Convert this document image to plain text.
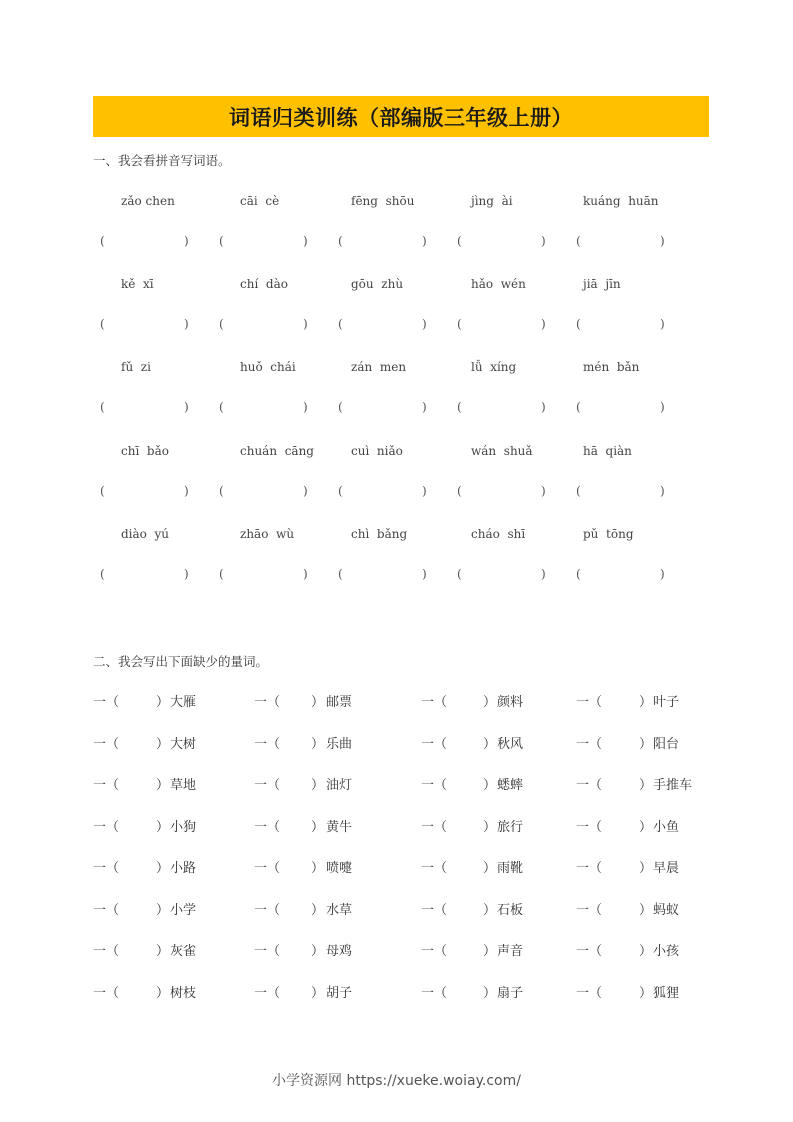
词语归类训练（部编版三年级上册）
一、我会看拼音写词语。
zǎo chen	cāi  cè	fēng  shōu	jìng  ài	kuáng  huān
(	)	(	)	(	)	(	)	(	)
kě  xī	chí  dào	gōu  zhù	hǎo  wén	jiā  jīn
(	)	(	)	(	)	(	)	(	)
fǔ  zi	huǒ  chái	zán  men	lǚ  xíng	mén  bǎn
(	)	(	)	(	)	(	)	(	)
chī  bǎo	chuán  cāng	cuì  niǎo	wán  shuǎ	hā  qiàn
(	)	(	)	(	)	(	)	(	)
diào  yú	zhāo  wù	chì  bǎng	cháo  shī	pǔ  tōng
(	)	(	)	(	)	(	)	(	)
二、我会写出下面缺少的量词。
一（	） 大雁	一（ ） 邮票	一（	） 颜料	一（	） 叶子
一（	） 大树	一（ ） 乐曲	一（	） 秋风	一（	） 阳台
一（	） 草地	一（ ） 油灯	一（	） 蟋蟀	一（	） 手推车
一（	） 小狗	一（ ） 黄牛	一（	） 旅行	一（	） 小鱼
一（	） 小路	一（ ） 喷嚏	一（	） 雨靴	一（	） 早晨
一（	） 小学	一（ ） 水草	一（	） 石板	一（	） 蚂蚁
一（	） 灰雀	一（ ） 母鸡	一（	） 声音	一（	） 小孩
一（	） 树枝	一（ ） 胡子	一（	） 扇子	一（	） 狐狸
小学资源网 https://xueke.woiay.com/
